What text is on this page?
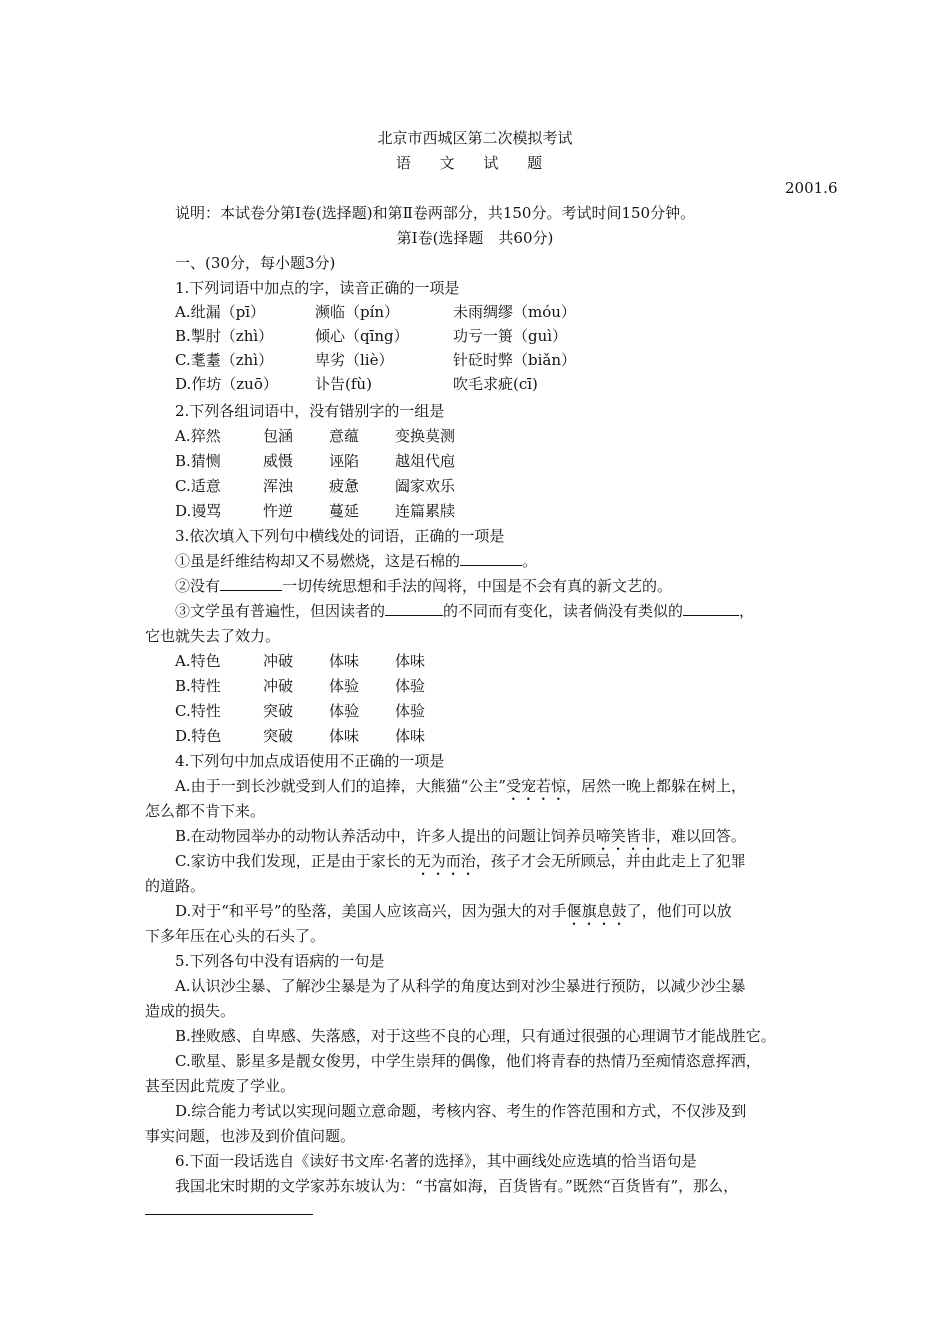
北京市西城区第二次模拟考试
语 文 试 题
2001.6
说明：本试卷分第Ⅰ卷(选择题)和第Ⅱ卷两部分，共150分。考试时间150分钟。
第Ⅰ卷(选择题　共60分)
一、(30分，每小题3分)
1.下列词语中加点的字，读音正确的一项是
A.纰漏（pī）	濒临（pín）	未雨绸缪（móu）
B.掣肘（zhì）	倾心（qīng）	功亏一篑（guì）
C.耄耋（zhì）	卑劣（liè）	针砭时弊（biǎn）
D.作坊（zuō） 讣告(fù)	吹毛求疵(cī)
2.下列各组词语中，没有错别字的一组是
A.猝然	包涵 意蕴 变换莫测
B.猜恻	威慑 诬陷 越俎代庖
C.适意	浑浊 疲惫 阖家欢乐
D.谩骂	忤逆 蔓延 连篇累牍
3.依次填入下列句中横线处的词语，正确的一项是
①虽是纤维结构却又不易燃烧，这是石棉的	。
②没有	一切传统思想和手法的闯将，中国是不会有真的新文艺的。
③文学虽有普遍性，但因读者的	的不同而有变化，读者倘没有类似的	，
它也就失去了效力。
A.特色	冲破 体味 体味
B.特性	冲破 体验 体验
C.特性	突破 体验 体验
D.特色	突破 体味 体味
4.下列句中加点成语使用不正确的一项是
A.由于一到长沙就受到人们的追捧，大熊猫“公主”受宠若惊，居然一晚上都躲在树上，
怎么都不肯下来。
B.在动物园举办的动物认养活动中，许多人提出的问题让饲养员啼笑皆非，难以回答。
C.家访中我们发现，正是由于家长的无为而治，孩子才会无所顾忌，并由此走上了犯罪
的道路。
D.对于“和平号”的坠落，美国人应该高兴，因为强大的对手偃旗息鼓了，他们可以放
下多年压在心头的石头了。
5.下列各句中没有语病的一句是
A.认识沙尘暴、了解沙尘暴是为了从科学的角度达到对沙尘暴进行预防，以减少沙尘暴
造成的损失。
B.挫败感、自卑感、失落感，对于这些不良的心理，只有通过很强的心理调节才能战胜它。
C.歌星、影星多是靓女俊男，中学生崇拜的偶像，他们将青春的热情乃至痴情恣意挥洒，
甚至因此荒废了学业。
D.综合能力考试以实现问题立意命题，考核内容、考生的作答范围和方式，不仅涉及到
事实问题，也涉及到价值问题。
6.下面一段话选自《读好书文库·名著的选择》，其中画线处应选填的恰当语句是
我国北宋时期的文学家苏东坡认为：“书富如海，百货皆有。”既然“百货皆有”，那么，
